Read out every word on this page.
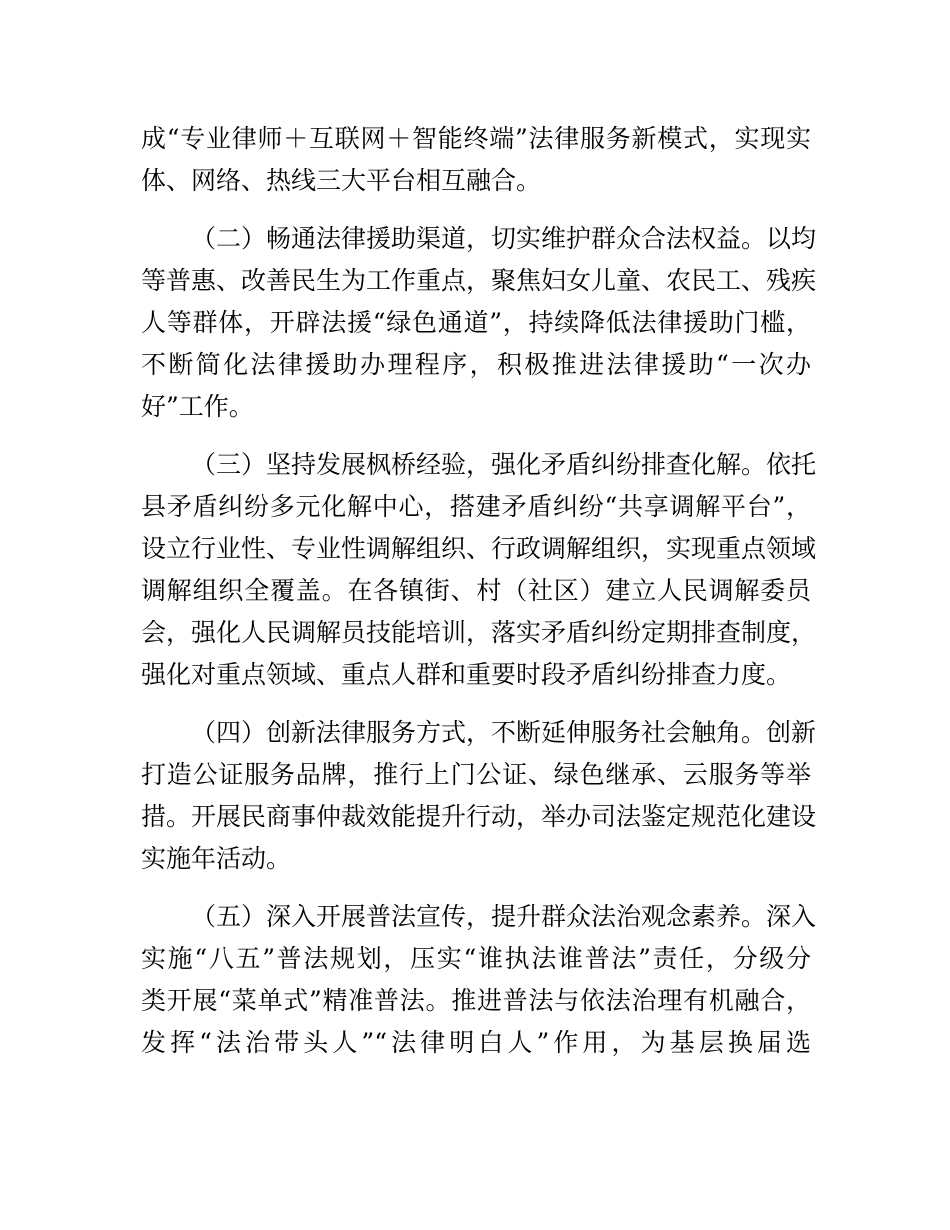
成“专业律师＋互联网＋智能终端”法律服务新模式，实现实
体、网络、热线三大平台相互融合。
（二）畅通法律援助渠道，切实维护群众合法权益。以均
等普惠、改善民生为工作重点，聚焦妇女儿童、农民工、残疾
人等群体，开辟法援“绿色通道”，持续降低法律援助门槛，
不断简化法律援助办理程序，积极推进法律援助“一次办
好”工作。
（三）坚持发展枫桥经验，强化矛盾纠纷排查化解。依托
县矛盾纠纷多元化解中心，搭建矛盾纠纷“共享调解平台”，
设立行业性、专业性调解组织、行政调解组织，实现重点领域
调解组织全覆盖。在各镇街、村（社区）建立人民调解委员
会，强化人民调解员技能培训，落实矛盾纠纷定期排查制度，
强化对重点领域、重点人群和重要时段矛盾纠纷排查力度。
（四）创新法律服务方式，不断延伸服务社会触角。创新
打造公证服务品牌，推行上门公证、绿色继承、云服务等举
措。开展民商事仲裁效能提升行动，举办司法鉴定规范化建设
实施年活动。
（五）深入开展普法宣传，提升群众法治观念素养。深入
实施“八五”普法规划，压实“谁执法谁普法”责任，分级分
类开展“菜单式”精准普法。推进普法与依法治理有机融合，
发挥“法治带头人”“法律明白人”作用，为基层换届选
